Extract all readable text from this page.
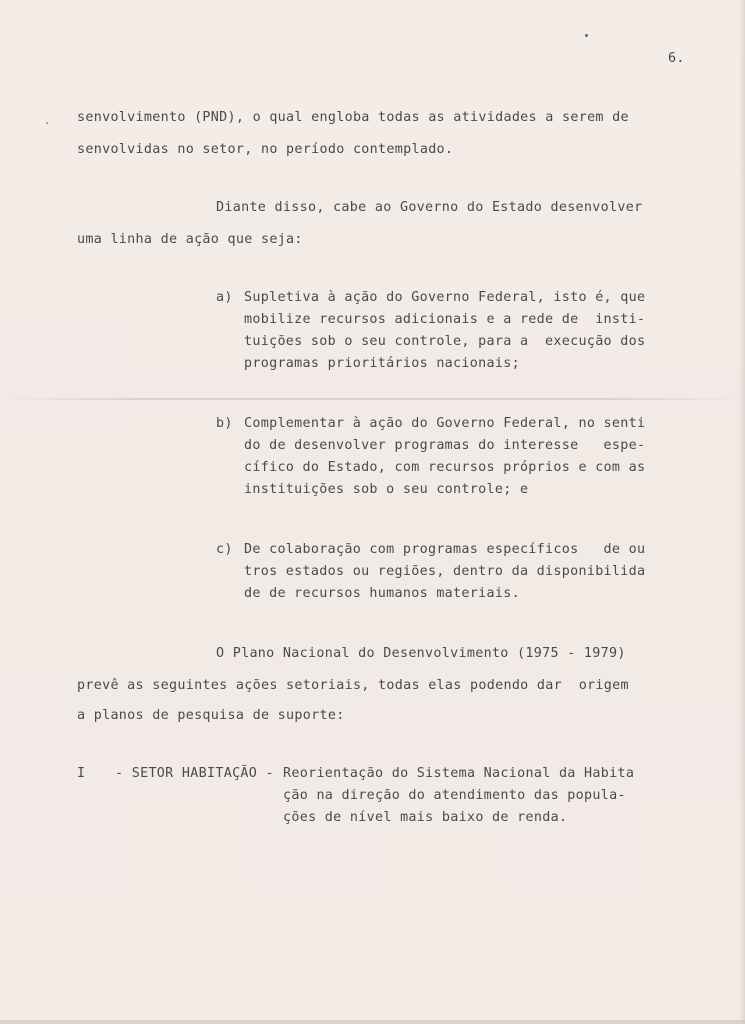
6.
senvolvimento (PND), o qual engloba todas as atividades a serem de
senvolvidas no setor, no período contemplado.
Diante disso, cabe ao Governo do Estado desenvolver
uma linha de ação que seja:
a) Supletiva à ação do Governo Federal, isto é, que
mobilize recursos adicionais e a rede de  insti-
tuições sob o seu controle, para a  execução dos
programas prioritários nacionais;
b) Complementar à ação do Governo Federal, no senti
do de desenvolver programas do interesse   espe-
cífico do Estado, com recursos próprios e com as
instituições sob o seu controle; e
c) De colaboração com programas específicos   de ou
tros estados ou regiões, dentro da disponibilida
de de recursos humanos materiais.
O Plano Nacional do Desenvolvimento (1975 - 1979)
prevê as seguintes ações setoriais, todas elas podendo dar  origem
a planos de pesquisa de suporte:
I - SETOR HABITAÇÃO - Reorientação do Sistema Nacional da Habita
ção na direção do atendimento das popula-
ções de nível mais baixo de renda.
